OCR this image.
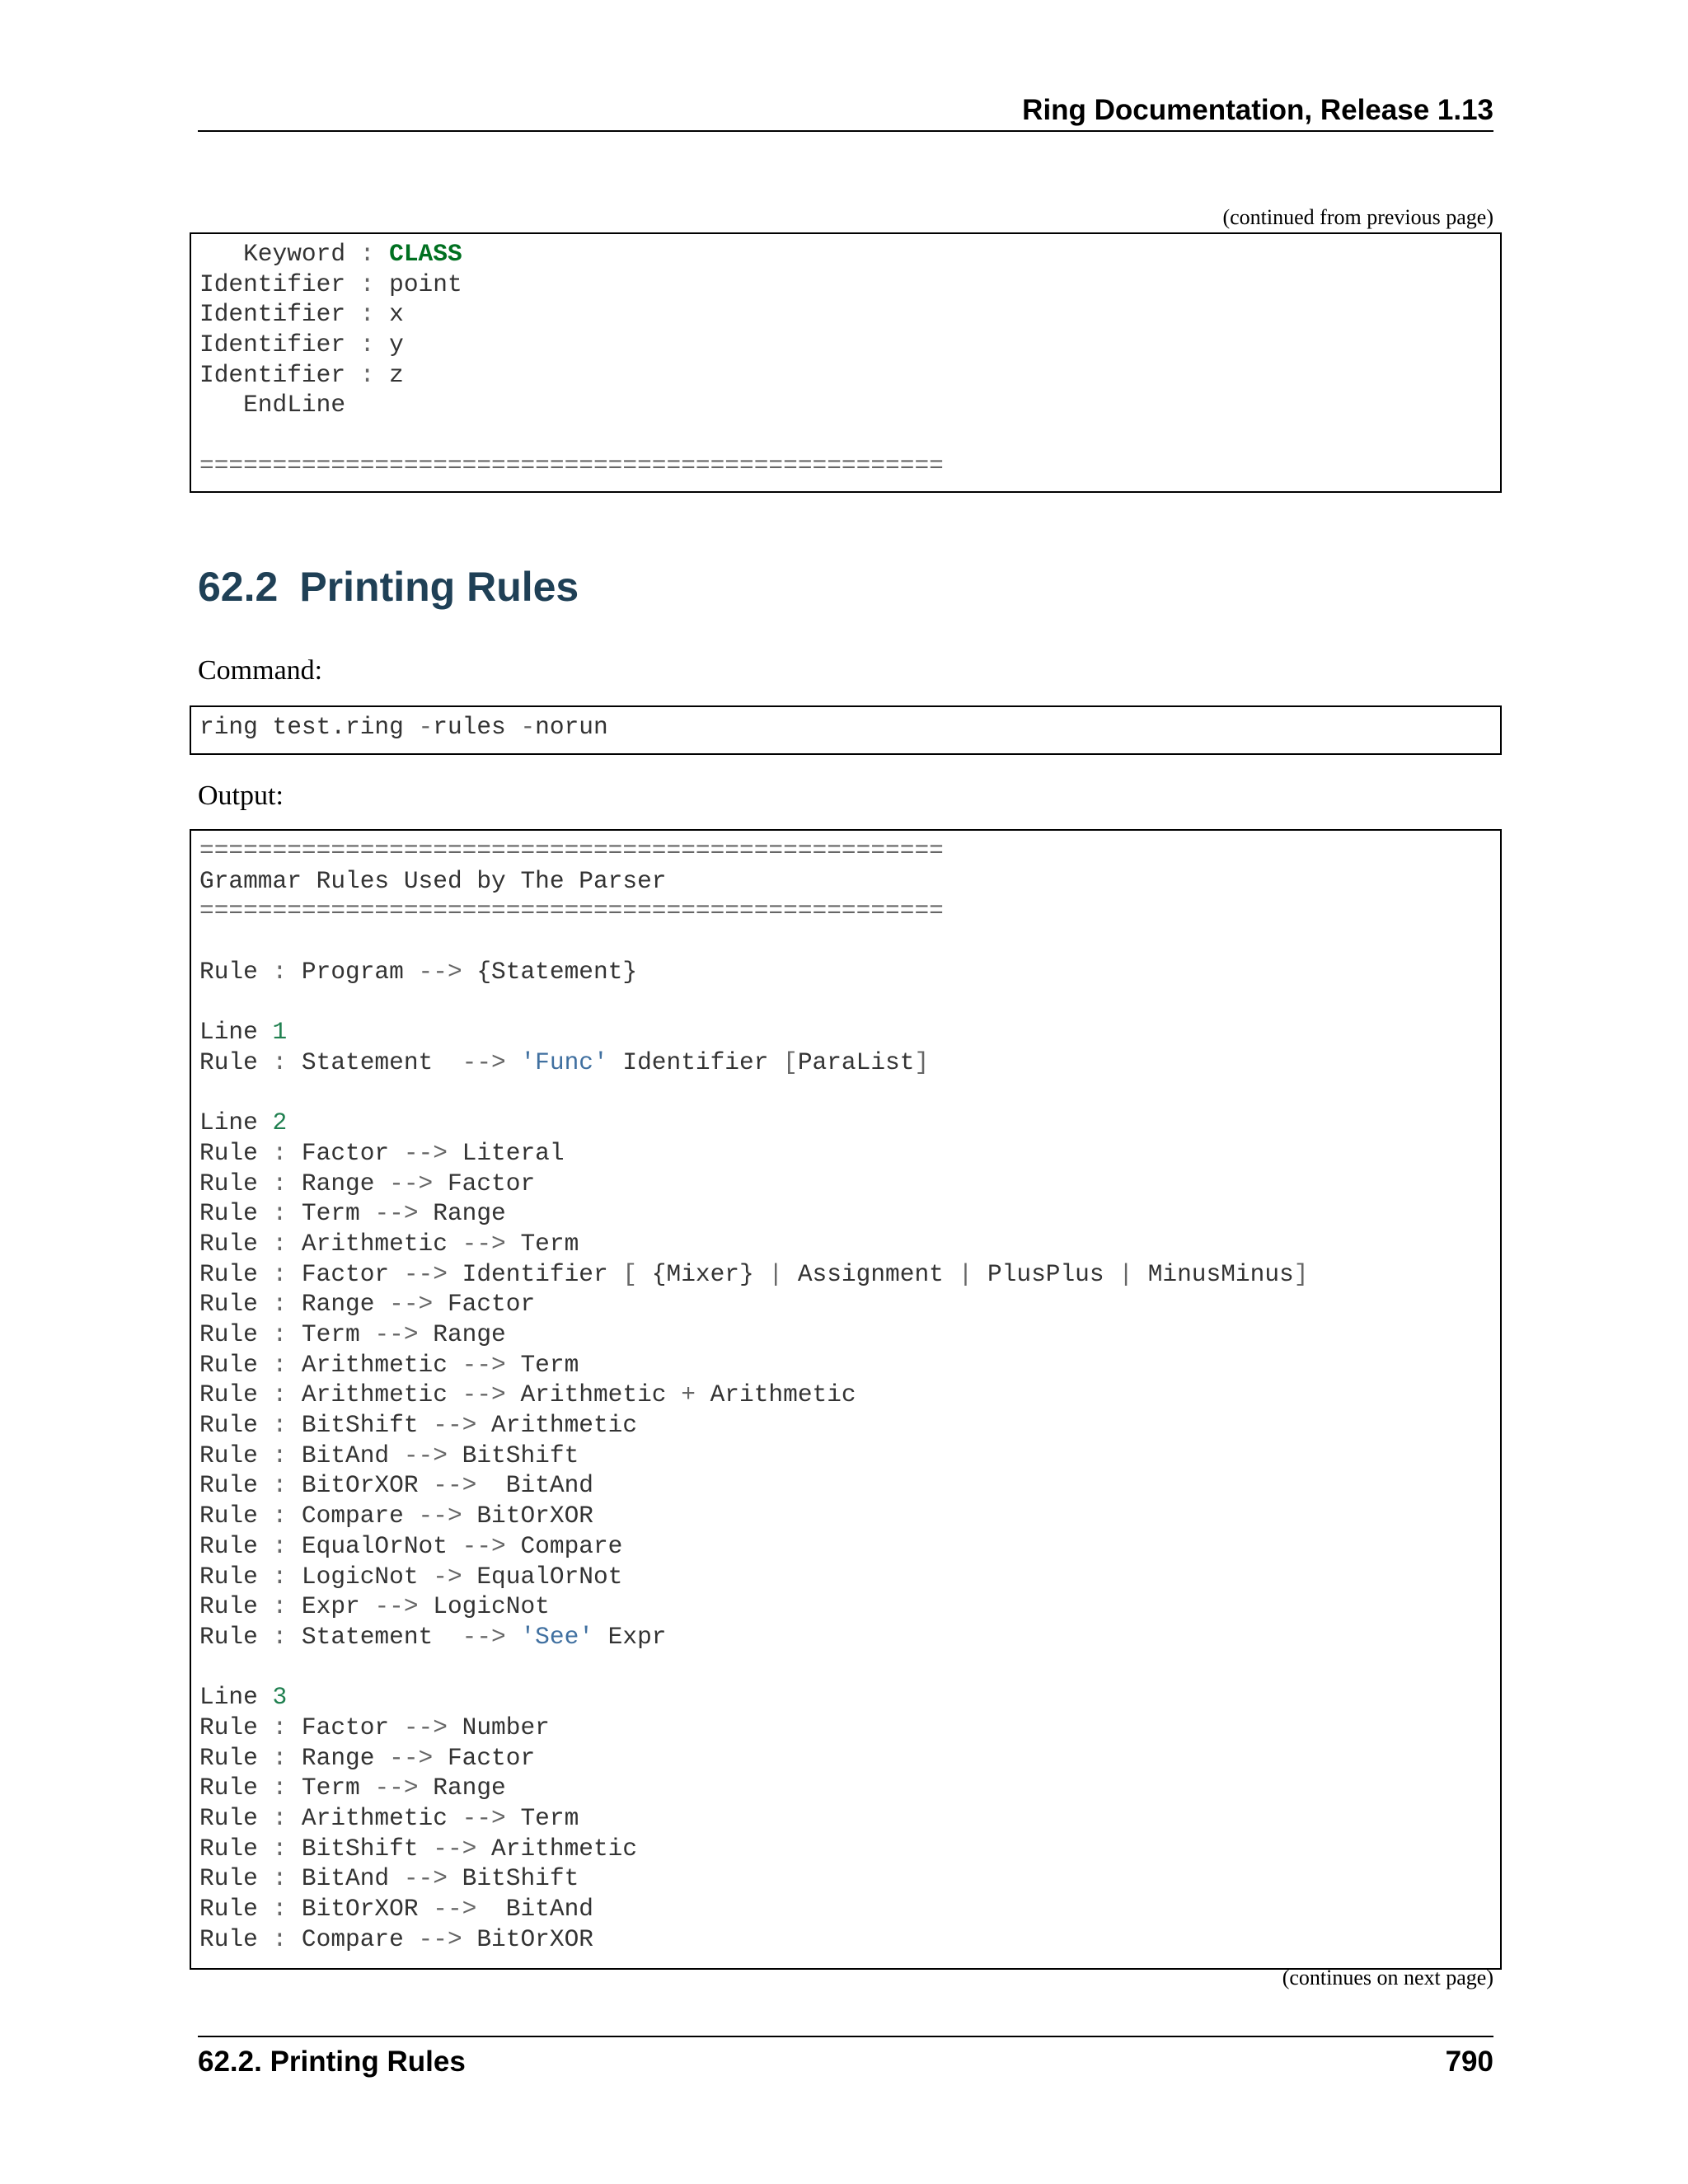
Ring Documentation, Release 1.13
(continued from previous page)
Keyword : CLASS
Identifier : point
Identifier : x
Identifier : y
Identifier : z
EndLine
===================================================
62.2 Printing Rules
Command:
ring test.ring -rules -norun
Output:
===================================================
Grammar Rules Used by The Parser
===================================================
Rule : Program --> {Statement}
Line 1
Rule : Statement  --> 'Func' Identifier [ParaList]
Line 2
Rule : Factor --> Literal
Rule : Range --> Factor
Rule : Term --> Range
Rule : Arithmetic --> Term
Rule : Factor --> Identifier [ {Mixer} | Assignment | PlusPlus | MinusMinus]
Rule : Range --> Factor
Rule : Term --> Range
Rule : Arithmetic --> Term
Rule : Arithmetic --> Arithmetic + Arithmetic
Rule : BitShift --> Arithmetic
Rule : BitAnd --> BitShift
Rule : BitOrXOR -->  BitAnd
Rule : Compare --> BitOrXOR
Rule : EqualOrNot --> Compare
Rule : LogicNot -> EqualOrNot
Rule : Expr --> LogicNot
Rule : Statement  --> 'See' Expr
Line 3
Rule : Factor --> Number
Rule : Range --> Factor
Rule : Term --> Range
Rule : Arithmetic --> Term
Rule : BitShift --> Arithmetic
Rule : BitAnd --> BitShift
Rule : BitOrXOR -->  BitAnd
Rule : Compare --> BitOrXOR
(continues on next page)
62.2. Printing Rules	790
